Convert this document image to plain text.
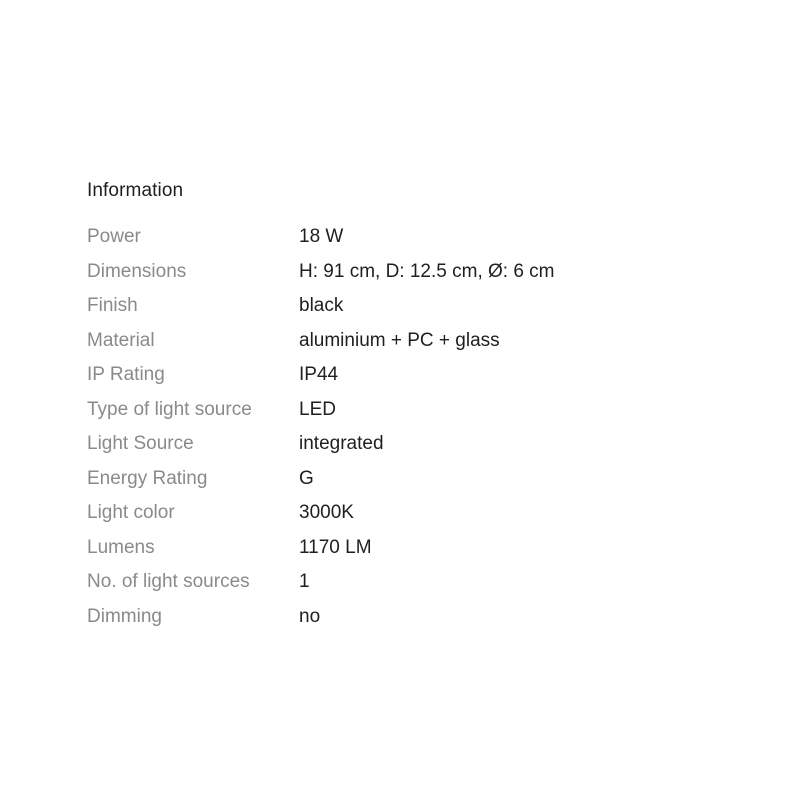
Information
Power	18 W
Dimensions	H: 91 cm, D: 12.5 cm, Ø: 6 cm
Finish	black
Material	aluminium + PC + glass
IP Rating	IP44
Type of light source	LED
Light Source	integrated
Energy Rating	G
Light color	3000K
Lumens	1170 LM
No. of light sources	1
Dimming	no
